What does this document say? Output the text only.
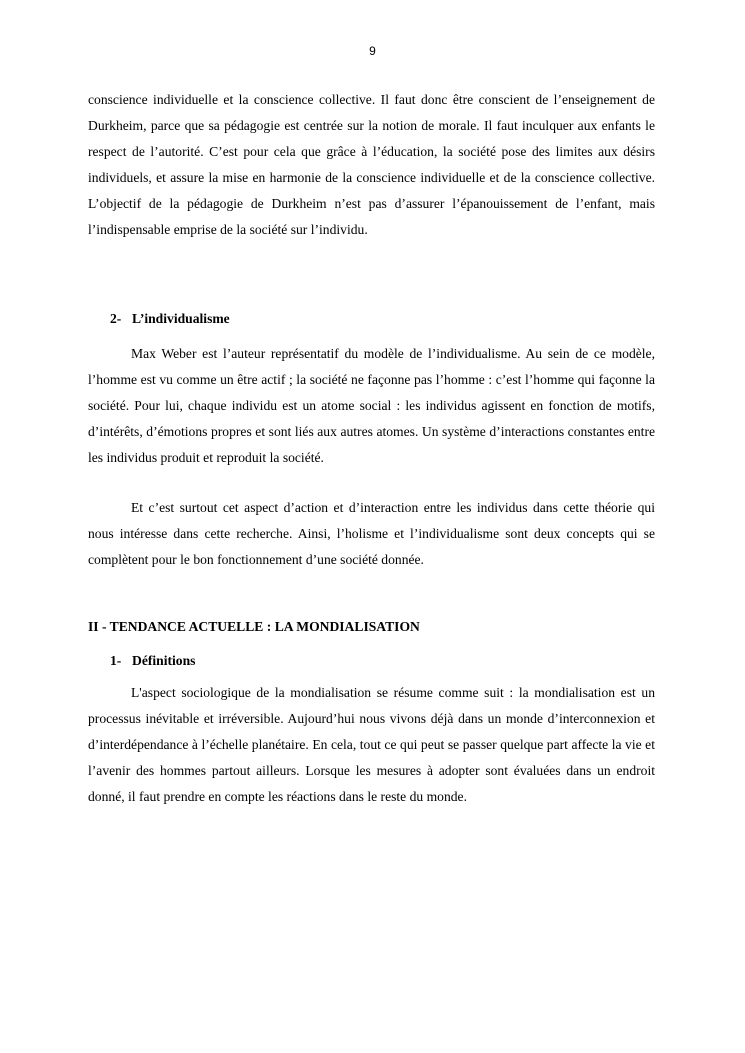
9

conscience individuelle et la conscience collective. Il faut donc être conscient de l’enseignement de Durkheim, parce que sa pédagogie est centrée sur la notion de morale. Il faut inculquer aux enfants le respect de l’autorité. C’est pour cela que grâce à l’éducation, la société pose des limites aux désirs individuels, et assure la mise en harmonie de la conscience individuelle et de la conscience collective. L’objectif de la pédagogie de Durkheim n’est pas d’assurer l’épanouissement de l’enfant, mais l’indispensable emprise de la société sur l’individu.

2- L’individualisme

Max Weber est l’auteur représentatif du modèle de l’individualisme. Au sein de ce modèle, l’homme est vu comme un être actif ; la société ne façonne pas l’homme : c’est l’homme qui façonne la société. Pour lui, chaque individu est un atome social : les individus agissent en fonction de motifs, d’intérêts, d’émotions propres et sont liés aux autres atomes. Un système d’interactions constantes entre les individus produit et reproduit la société.

Et c’est surtout cet aspect d’action et d’interaction entre les individus dans cette théorie qui nous intéresse dans cette recherche. Ainsi, l’holisme et l’individualisme sont deux concepts qui se complètent pour le bon fonctionnement d’une société donnée.

II - TENDANCE ACTUELLE : LA MONDIALISATION
1- Définitions

L'aspect sociologique de la mondialisation se résume comme suit : la mondialisation est un processus inévitable et irréversible. Aujourd’hui nous vivons déjà dans un monde d’interconnexion et d’interdépendance à l’échelle planétaire. En cela, tout ce qui peut se passer quelque part affecte la vie et l’avenir des hommes partout ailleurs. Lorsque les mesures à adopter sont évaluées dans un endroit donné, il faut prendre en compte les réactions dans le reste du monde.
